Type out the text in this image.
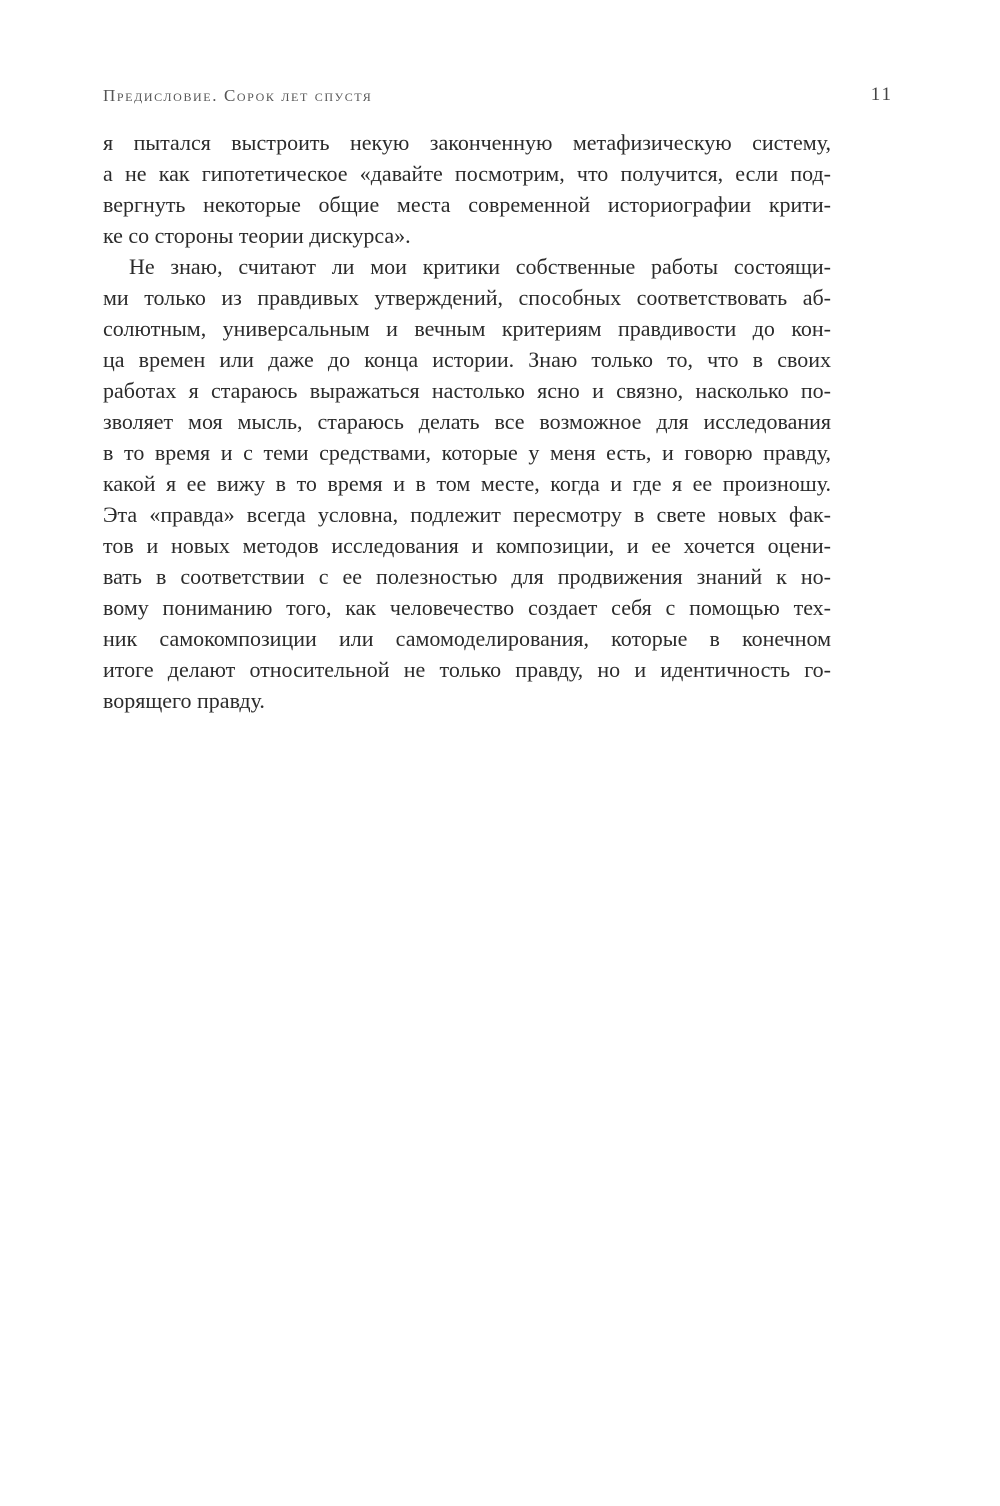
Предисловие. Сорок лет спустя	11
я пытался выстроить некую законченную метафизическую систему,
а не как гипотетическое «давайте посмотрим, что получится, если под-
вергнуть некоторые общие места современной историографии крити-
ке со стороны теории дискурса».
Не знаю, считают ли мои критики собственные работы состоящи-
ми только из правдивых утверждений, способных соответствовать аб-
солютным, универсальным и вечным критериям правдивости до кон-
ца времен или даже до конца истории. Знаю только то, что в своих
работах я стараюсь выражаться настолько ясно и связно, насколько по-
зволяет моя мысль, стараюсь делать все возможное для исследования
в то время и с теми средствами, которые у меня есть, и говорю правду,
какой я ее вижу в то время и в том месте, когда и где я ее произношу.
Эта «правда» всегда условна, подлежит пересмотру в свете новых фак-
тов и новых методов исследования и композиции, и ее хочется оцени-
вать в соответствии с ее полезностью для продвижения знаний к но-
вому пониманию того, как человечество создает себя с помощью тех-
ник самокомпозиции или самомоделирования, которые в конечном
итоге делают относительной не только правду, но и идентичность го-
ворящего правду.
